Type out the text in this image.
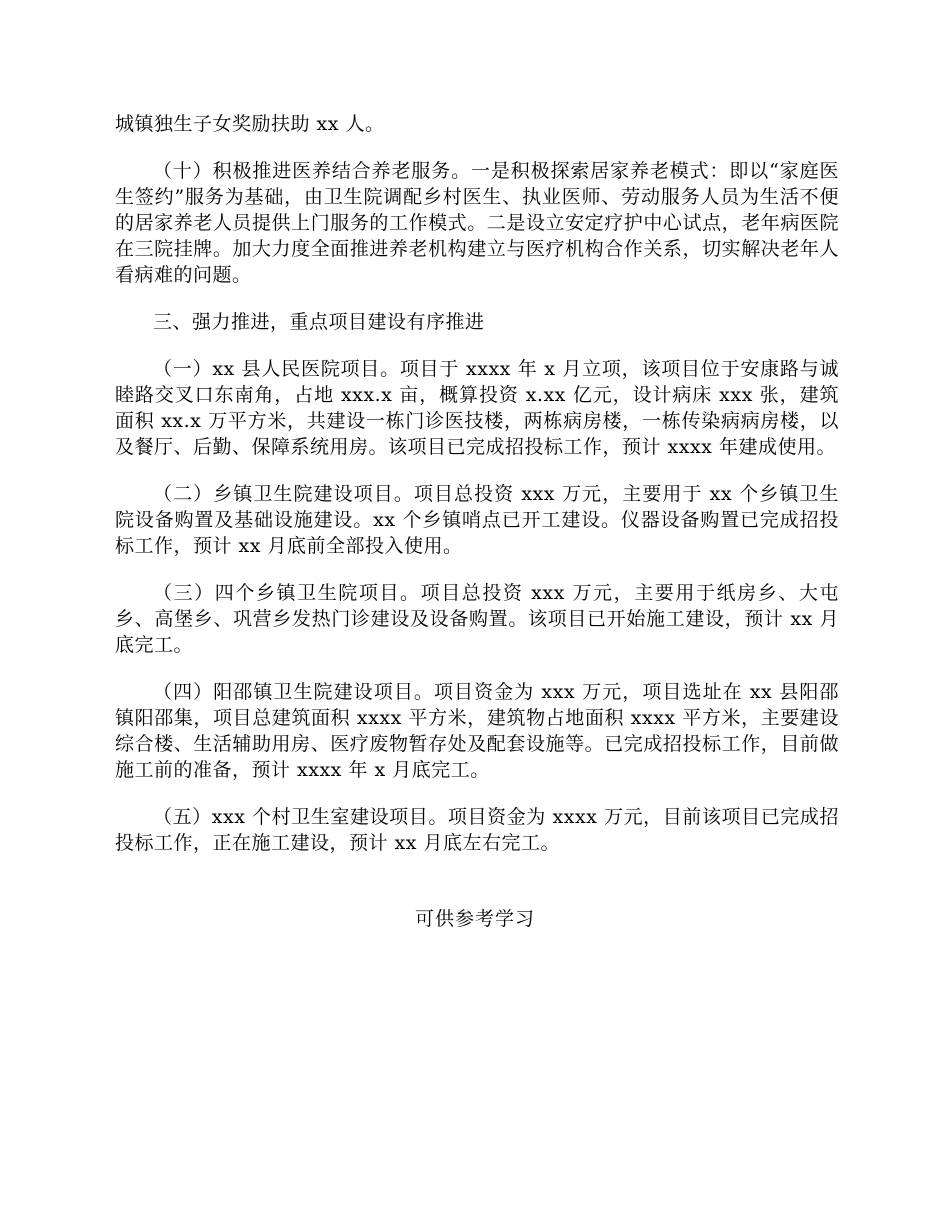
城镇独生子女奖励扶助 xx 人。

（十）积极推进医养结合养老服务。一是积极探索居家养老模式：即以“家庭医生签约”服务为基础，由卫生院调配乡村医生、执业医师、劳动服务人员为生活不便的居家养老人员提供上门服务的工作模式。二是设立安定疗护中心试点，老年病医院在三院挂牌。加大力度全面推进养老机构建立与医疗机构合作关系，切实解决老年人看病难的问题。

三、强力推进，重点项目建设有序推进

（一）xx 县人民医院项目。项目于 xxxx 年 x 月立项，该项目位于安康路与诚睦路交叉口东南角，占地 xxx.x 亩，概算投资 x.xx 亿元，设计病床 xxx 张，建筑面积 xx.x 万平方米，共建设一栋门诊医技楼，两栋病房楼，一栋传染病病房楼，以及餐厅、后勤、保障系统用房。该项目已完成招投标工作，预计 xxxx 年建成使用。

（二）乡镇卫生院建设项目。项目总投资 xxx 万元，主要用于 xx 个乡镇卫生院设备购置及基础设施建设。xx 个乡镇哨点已开工建设。仪器设备购置已完成招投标工作，预计 xx 月底前全部投入使用。

（三）四个乡镇卫生院项目。项目总投资 xxx 万元，主要用于纸房乡、大屯乡、高堡乡、巩营乡发热门诊建设及设备购置。该项目已开始施工建设，预计 xx 月底完工。

（四）阳邵镇卫生院建设项目。项目资金为 xxx 万元，项目选址在 xx 县阳邵镇阳邵集，项目总建筑面积 xxxx 平方米，建筑物占地面积 xxxx 平方米，主要建设综合楼、生活辅助用房、医疗废物暂存处及配套设施等。已完成招投标工作，目前做施工前的准备，预计 xxxx 年 x 月底完工。

（五）xxx 个村卫生室建设项目。项目资金为 xxxx 万元，目前该项目已完成招投标工作，正在施工建设，预计 xx 月底左右完工。

可供参考学习
